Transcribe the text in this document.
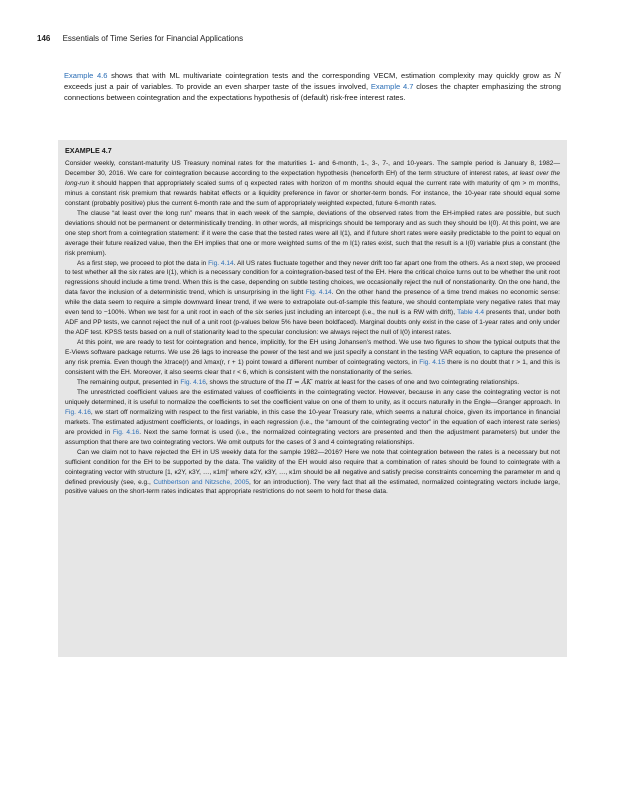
146 Essentials of Time Series for Financial Applications
Example 4.6 shows that with ML multivariate cointegration tests and the corresponding VECM, estimation complexity may quickly grow as N exceeds just a pair of variables. To provide an even sharper taste of the issues involved, Example 4.7 closes the chapter emphasizing the strong connections between cointegration and the expectations hypothesis of (default) risk-free interest rates.
EXAMPLE 4.7

Consider weekly, constant-maturity US Treasury nominal rates for the maturities 1- and 6-month, 1-, 3-, 7-, and 10-years. The sample period is January 8, 1982—December 30, 2016. We care for cointegration because according to the expectation hypothesis (henceforth EH) of the term structure of interest rates, at least over the long-run it should happen that appropriately scaled sums of q expected rates with horizon of m months should equal the current rate with maturity of qm > m months, minus a constant risk premium that rewards habitat effects or a liquidity preference in favor or shorter-term bonds. For instance, the 10-year rate should equal some constant (probably positive) plus the current 6-month rate and the sum of appropriately weighted expected, future 6-month rates.

The clause “at least over the long run” means that in each week of the sample, deviations of the observed rates from the EH-implied rates are possible, but such deviations should not be permanent or deterministically trending. In other words, all mispricings should be temporary and as such they should be I(0). At this point, we are one step short from a cointegration statement: if it were the case that the tested rates were all I(1), and if future short rates were easily predictable to the point to equal on average their future realized value, then the EH implies that one or more weighted sums of the m I(1) rates exist, such that the result is a I(0) variable plus a constant (the risk premium).

As a first step, we proceed to plot the data in Fig. 4.14. All US rates fluctuate together and they never drift too far apart one from the others. As a next step, we proceed to test whether all the six rates are I(1), which is a necessary condition for a cointegration-based test of the EH. Here the critical choice turns out to be whether the unit root regressions should include a time trend. When this is the case, depending on subtle testing choices, we occasionally reject the null of nonstationarity. On the one hand, the data favor the inclusion of a deterministic trend, which is unsurprising in the light Fig. 4.14. On the other hand the presence of a time trend makes no economic sense: while the data seem to require a simple downward linear trend, if we were to extrapolate out-of-sample this feature, we should contemplate very negative rates that may even tend to −100%. When we test for a unit root in each of the six series just including an intercept (i.e., the null is a RW with drift), Table 4.4 presents that, under both ADF and PP tests, we cannot reject the null of a unit root (p-values below 5% have been boldfaced). Marginal doubts only exist in the case of 1-year rates and only under the ADF test. KPSS tests based on a null of stationarity lead to the specular conclusion: we always reject the null of I(0) interest rates.

At this point, we are ready to test for cointegration and hence, implicitly, for the EH using Johansen’s method. We use two figures to show the typical outputs that the E-Views software package returns. We use 26 lags to increase the power of the test and we just specify a constant in the testing VAR equation, to capture the presence of any risk premia. Even though the λtrace(r) and λmax(r, r + 1) point toward a different number of cointegrating vectors, in Fig. 4.15 there is no doubt that r > 1, and this is consistent with the EH. Moreover, it also seems clear that r < 6, which is consistent with the nonstationarity of the series.

The remaining output, presented in Fig. 4.16, shows the structure of the Π = ÂK′ matrix at least for the cases of one and two cointegrating relationships.

The unrestricted coefficient values are the estimated values of coefficients in the cointegrating vector. However, because in any case the cointegrating vector is not uniquely determined, it is useful to normalize the coefficients to set the coefficient value on one of them to unity, as it occurs naturally in the Engle—Granger approach. In Fig. 4.16, we start off normalizing with respect to the first variable, in this case the 10-year Treasury rate, which seems a natural choice, given its importance in financial markets. The estimated adjustment coefficients, or loadings, in each regression (i.e., the “amount of the cointegrating vector” in the equation of each interest rate series) are provided in Fig. 4.16. Next the same format is used (i.e., the normalized cointegrating vectors are presented and then the adjustment parameters) but under the assumption that there are two cointegrating vectors. We omit outputs for the cases of 3 and 4 cointegrating relationships.

Can we claim not to have rejected the EH in US weekly data for the sample 1982—2016? Here we note that cointegration between the rates is a necessary but not sufficient condition for the EH to be supported by the data. The validity of the EH would also require that a combination of rates should be found to cointegrate with a cointegrating vector with structure [1, κ2Y, κ3Y, …, κ1m]′ where κ2Y, κ3Y, …, κ1m should be all negative and satisfy precise constraints concerning the parameter m and q defined previously (see, e.g., Cuthbertson and Nitzsche, 2005, for an introduction). The very fact that all the estimated, normalized cointegrating vectors include large, positive values on the short-term rates indicates that appropriate restrictions do not seem to hold for these data.
